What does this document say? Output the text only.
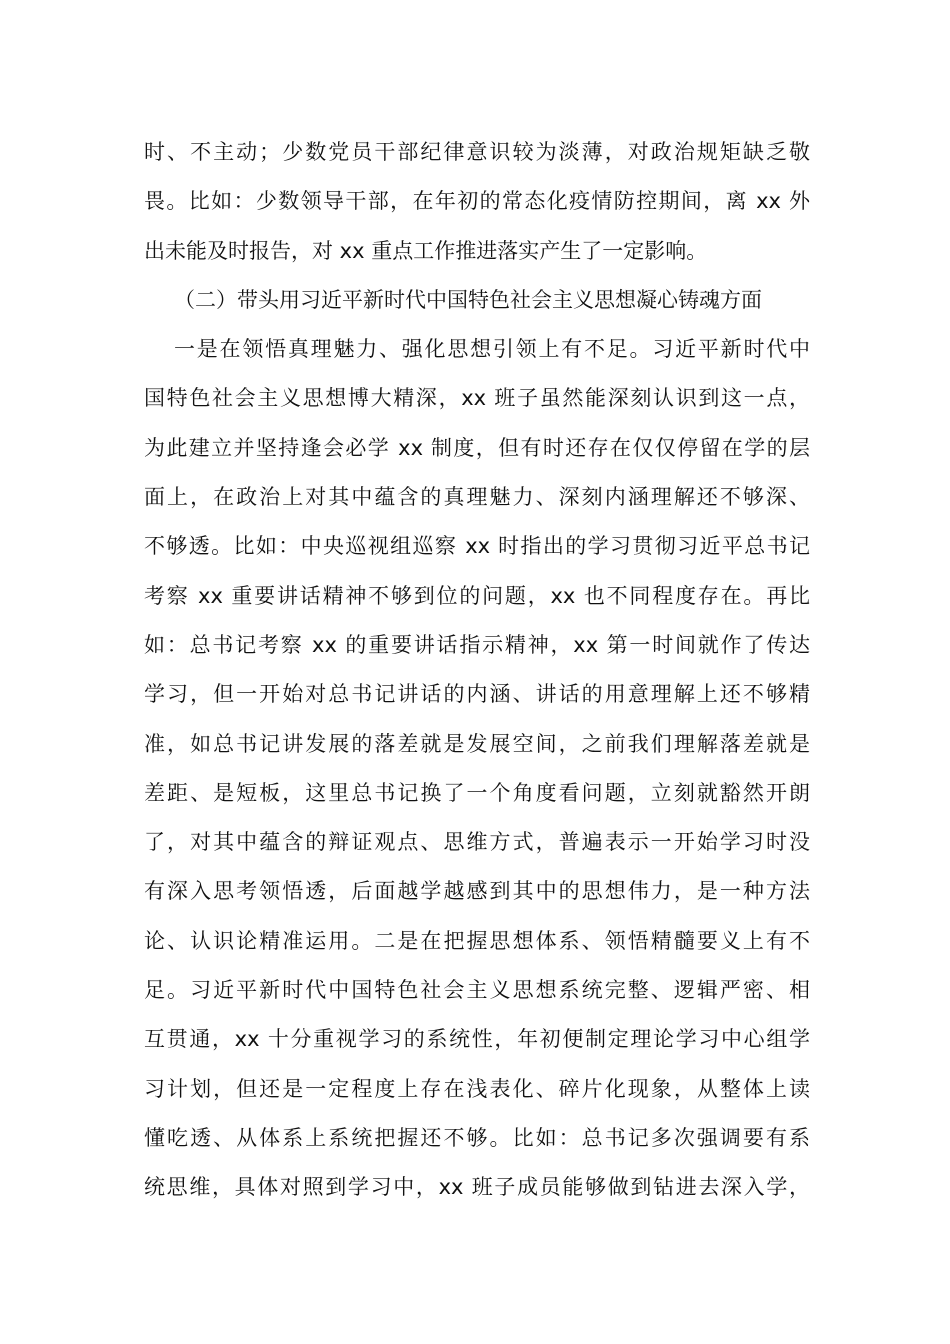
时、不主动；少数党员干部纪律意识较为淡薄，对政治规矩缺乏敬
畏。比如：少数领导干部，在年初的常态化疫情防控期间，离 xx 外
出未能及时报告，对 xx 重点工作推进落实产生了一定影响。
（二）带头用习近平新时代中国特色社会主义思想凝心铸魂方面
一是在领悟真理魅力、强化思想引领上有不足。习近平新时代中
国特色社会主义思想博大精深，xx 班子虽然能深刻认识到这一点，
为此建立并坚持逢会必学 xx 制度，但有时还存在仅仅停留在学的层
面上，在政治上对其中蕴含的真理魅力、深刻内涵理解还不够深、
不够透。比如：中央巡视组巡察 xx 时指出的学习贯彻习近平总书记
考察 xx 重要讲话精神不够到位的问题，xx 也不同程度存在。再比
如：总书记考察 xx 的重要讲话指示精神，xx 第一时间就作了传达
学习，但一开始对总书记讲话的内涵、讲话的用意理解上还不够精
准，如总书记讲发展的落差就是发展空间，之前我们理解落差就是
差距、是短板，这里总书记换了一个角度看问题，立刻就豁然开朗
了，对其中蕴含的辩证观点、思维方式，普遍表示一开始学习时没
有深入思考领悟透，后面越学越感到其中的思想伟力，是一种方法
论、认识论精准运用。二是在把握思想体系、领悟精髓要义上有不
足。习近平新时代中国特色社会主义思想系统完整、逻辑严密、相
互贯通，xx 十分重视学习的系统性，年初便制定理论学习中心组学
习计划，但还是一定程度上存在浅表化、碎片化现象，从整体上读
懂吃透、从体系上系统把握还不够。比如：总书记多次强调要有系
统思维，具体对照到学习中，xx 班子成员能够做到钻进去深入学，
